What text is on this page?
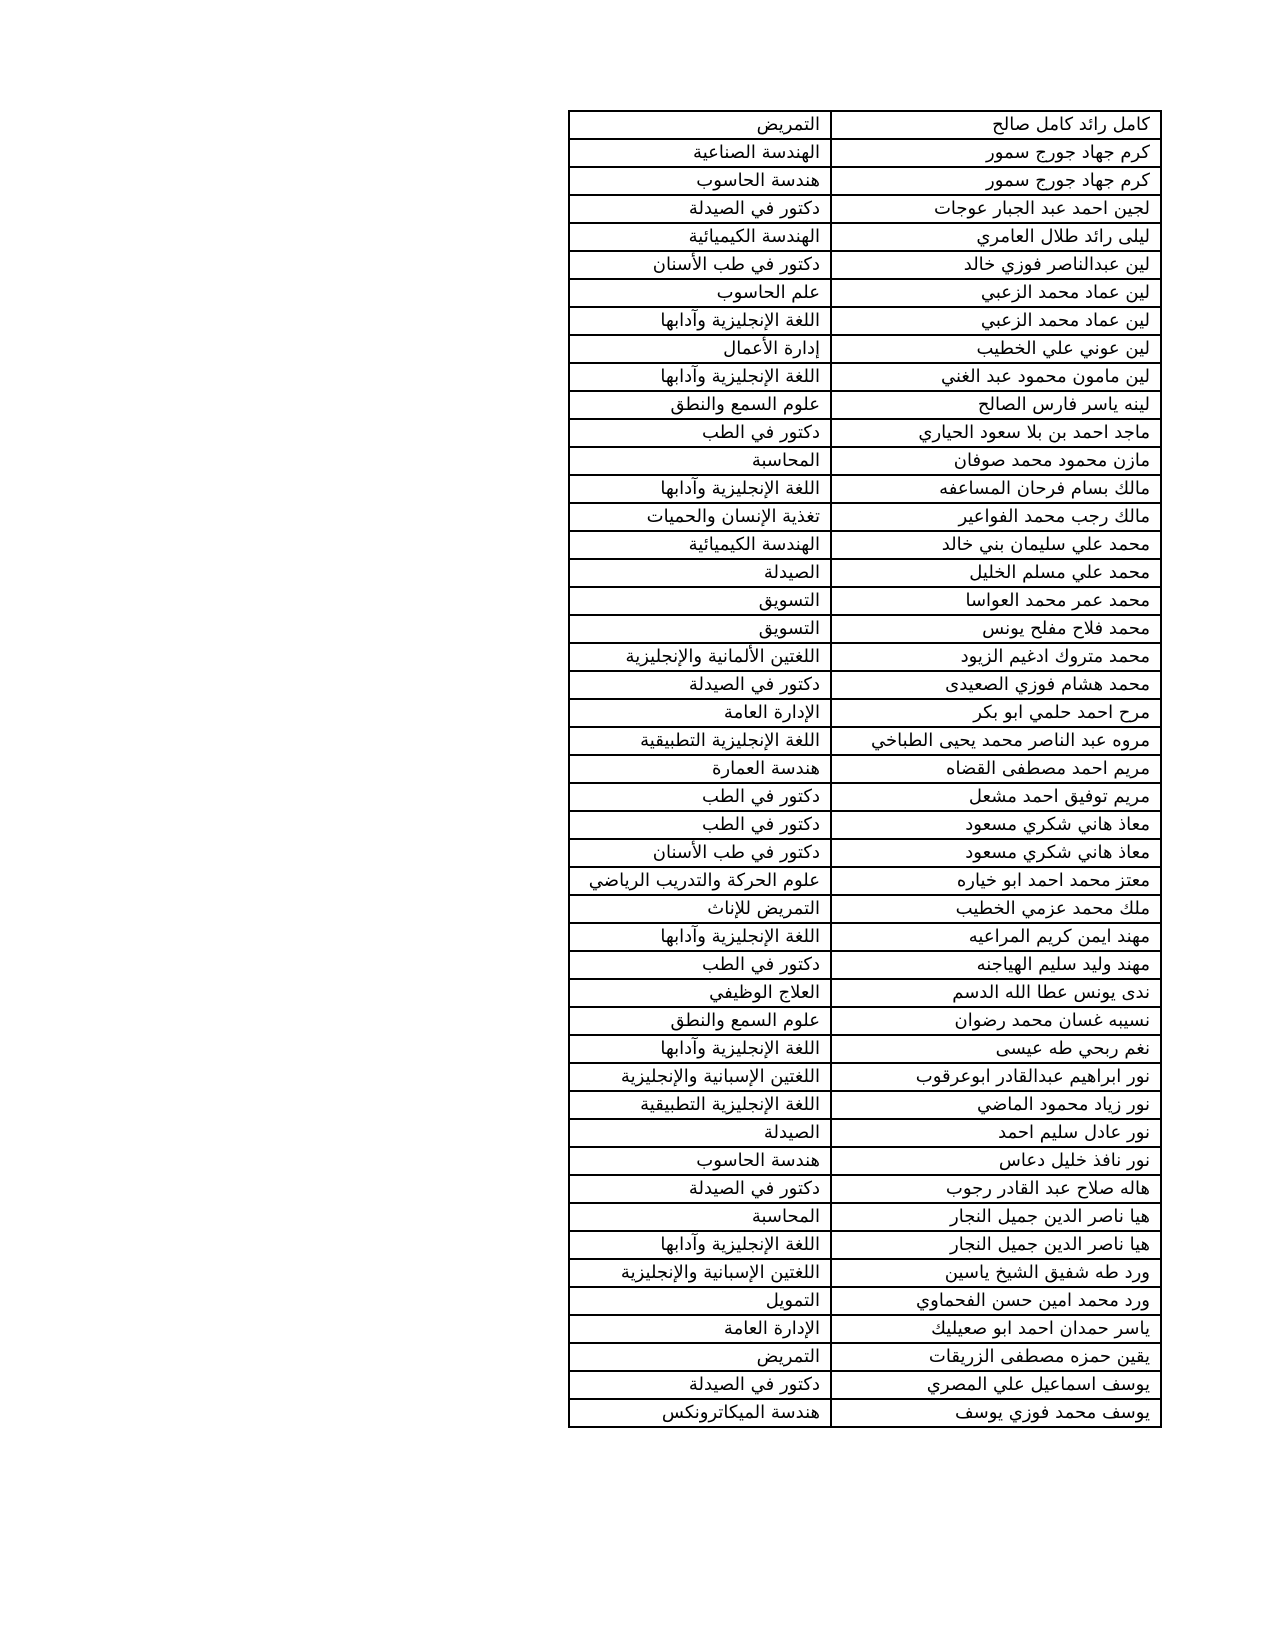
كامل رائد كامل صالح	التمريض
كرم جهاد جورج سمور	الهندسة الصناعية
كرم جهاد جورج سمور	هندسة الحاسوب
لجين احمد عبد الجبار عوجات	دكتور في الصيدلة
ليلى رائد طلال العامري	الهندسة الكيميائية
لين عبدالناصر فوزي خالد	دكتور في طب الأسنان
لين عماد محمد الزعبي	علم الحاسوب
لين عماد محمد الزعبي	اللغة الإنجليزية وآدابها
لين عوني علي الخطيب	إدارة الأعمال
لين مامون محمود عبد الغني	اللغة الإنجليزية وآدابها
لينه ياسر فارس الصالح	علوم السمع والنطق
ماجد احمد بن بلا سعود الحياري	دكتور في الطب
مازن محمود محمد صوفان	المحاسبة
مالك بسام فرحان المساعفه	اللغة الإنجليزية وآدابها
مالك رجب محمد الفواعير	تغذية الإنسان والحميات
محمد علي سليمان بني خالد	الهندسة الكيميائية
محمد علي مسلم الخليل	الصيدلة
محمد عمر محمد العواسا	التسويق
محمد فلاح مفلح يونس	التسويق
محمد متروك ادغيم الزيود	اللغتين الألمانية والإنجليزية
محمد هشام فوزي الصعيدى	دكتور في الصيدلة
مرح احمد حلمي ابو بكر	الإدارة العامة
مروه عبد الناصر محمد يحيى الطباخي	اللغة الإنجليزية التطبيقية
مريم احمد مصطفى القضاه	هندسة العمارة
مريم توفيق احمد مشعل	دكتور في الطب
معاذ هاني شكري مسعود	دكتور في الطب
معاذ هاني شكري مسعود	دكتور في طب الأسنان
معتز محمد احمد ابو خياره	علوم الحركة والتدريب الرياضي
ملك محمد عزمي الخطيب	التمريض للإناث
مهند ايمن كريم المراعيه	اللغة الإنجليزية وآدابها
مهند وليد سليم الهياجنه	دكتور في الطب
ندى يونس عطا الله الدسم	العلاج الوظيفي
نسيبه غسان محمد رضوان	علوم السمع والنطق
نغم ربحي طه عيسى	اللغة الإنجليزية وآدابها
نور ابراهيم عبدالقادر ابوعرقوب	اللغتين الإسبانية والإنجليزية
نور زياد محمود الماضي	اللغة الإنجليزية التطبيقية
نور عادل سليم احمد	الصيدلة
نور نافذ خليل دعاس	هندسة الحاسوب
هاله صلاح عبد القادر رجوب	دكتور في الصيدلة
هيا ناصر الدين جميل النجار	المحاسبة
هيا ناصر الدين جميل النجار	اللغة الإنجليزية وآدابها
ورد طه شفيق الشيخ ياسين	اللغتين الإسبانية والإنجليزية
ورد محمد امين حسن الفحماوي	التمويل
ياسر حمدان احمد ابو صعيليك	الإدارة العامة
يقين حمزه مصطفى الزريقات	التمريض
يوسف اسماعيل علي المصري	دكتور في الصيدلة
يوسف محمد فوزي يوسف	هندسة الميكاترونكس
